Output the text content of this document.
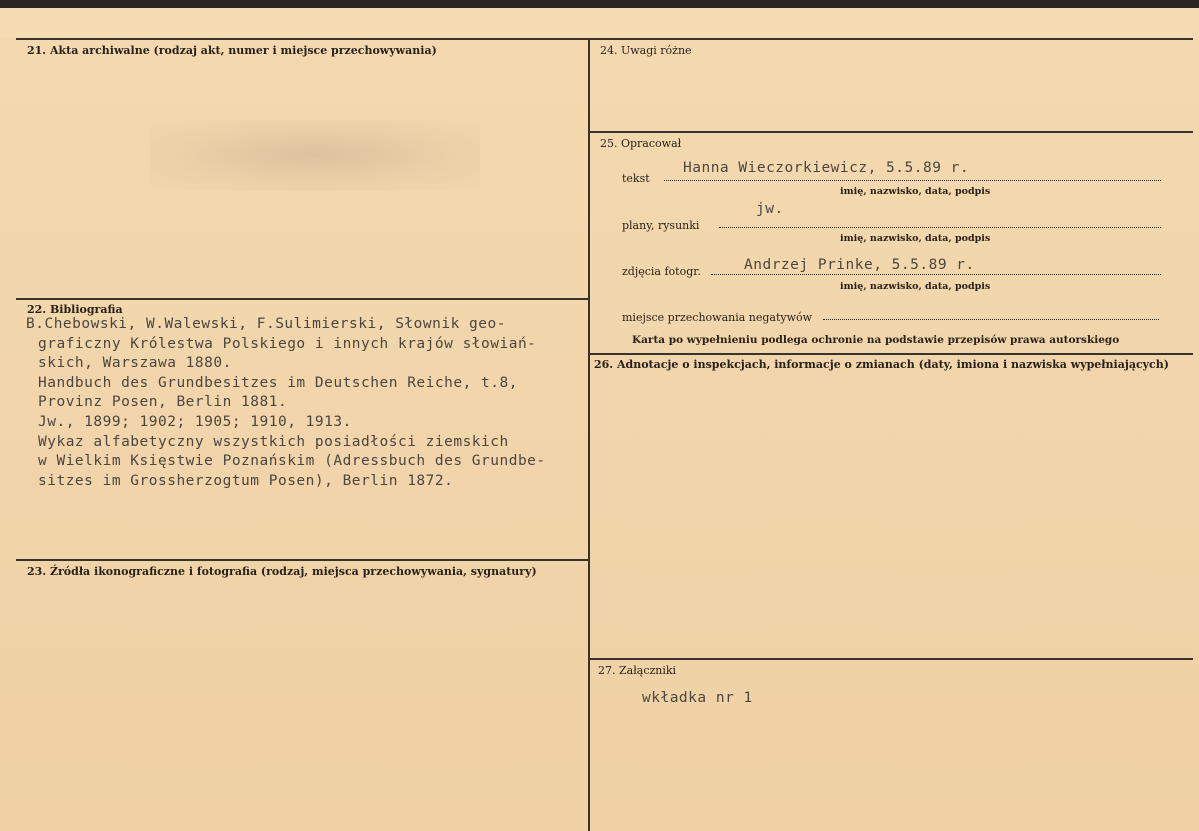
21. Akta archiwalne (rodzaj akt, numer i miejsce przechowywania)
22. Bibliografia
B.Chebowski, W.Walewski, F.Sulimierski, Słownik geo-
graficzny Królestwa Polskiego i innych krajów słowiań-
skich, Warszawa 1880.
Handbuch des Grundbesitzes im Deutschen Reiche, t.8,
Provinz Posen, Berlin 1881.
Jw., 1899; 1902; 1905; 1910, 1913.
Wykaz alfabetyczny wszystkich posiadłości ziemskich
w Wielkim Księstwie Poznańskim (Adressbuch des Grundbe-
sitzes im Grossherzogtum Posen), Berlin 1872.
23. Źródła ikonograficzne i fotografia (rodzaj, miejsca przechowywania, sygnatury)
24. Uwagi różne
25. Opracował
Hanna Wieczorkiewicz, 5.5.89 r.
tekst
imię, nazwisko, data, podpis
jw.
plany, rysunki
imię, nazwisko, data, podpis
Andrzej Prinke, 5.5.89 r.
zdjęcia fotogr.
imię, nazwisko, data, podpis
miejsce przechowania negatywów
Karta po wypełnieniu podlega ochronie na podstawie przepisów prawa autorskiego
26. Adnotacje o inspekcjach, informacje o zmianach (daty, imiona i nazwiska wypełniających)
27. Załączniki
wkładka nr 1
